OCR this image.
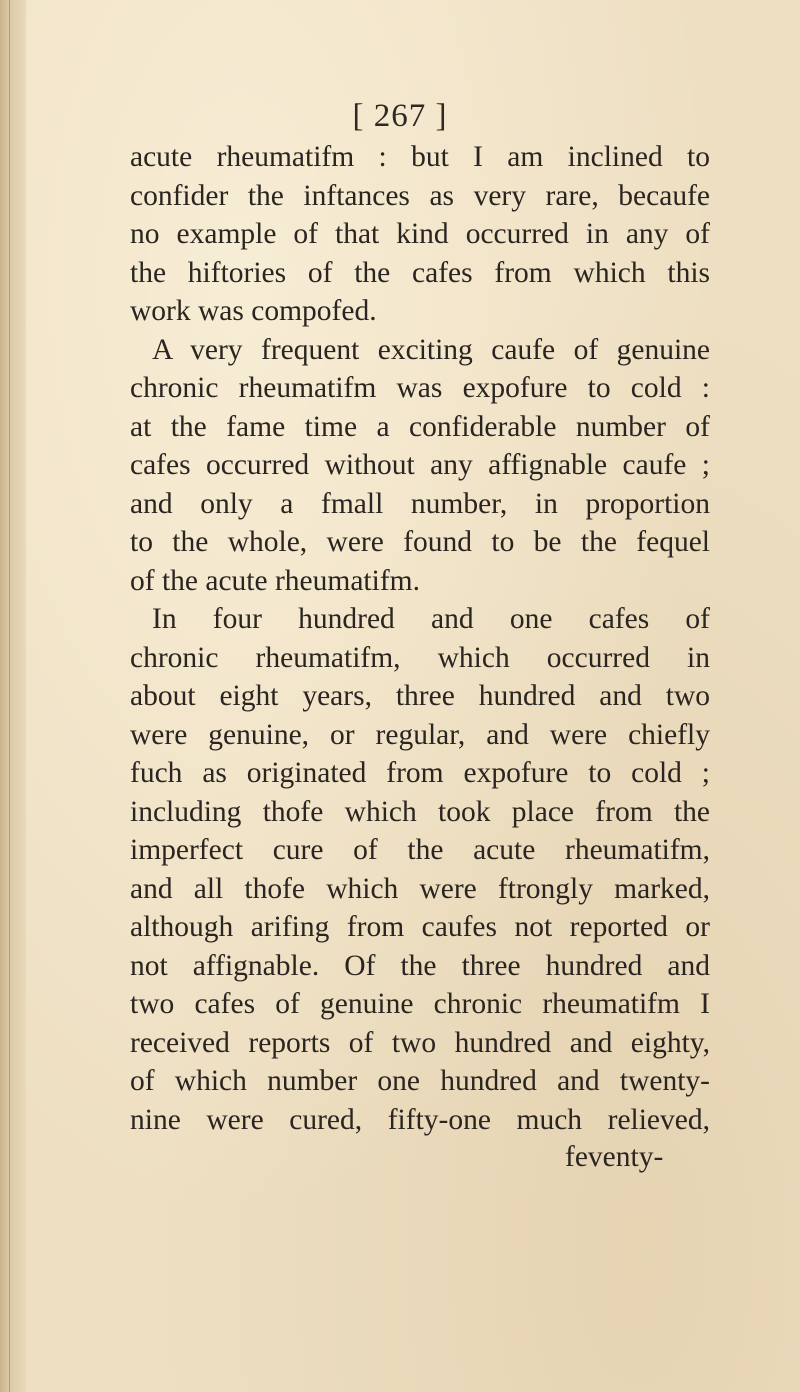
[ 267 ]
acute rheumatifm : but I am inclined to
confider the inftances as very rare, becaufe
no example of that kind occurred in any of
the hiftories of the cafes from which this
work was compofed.
A very frequent exciting caufe of genuine
chronic rheumatifm was expofure to cold :
at the fame time a confiderable number of
cafes occurred without any affignable caufe ;
and only a fmall number, in proportion
to the whole, were found to be the fequel
of the acute rheumatifm.
In four hundred and one cafes of
chronic rheumatifm, which occurred in
about eight years, three hundred and two
were genuine, or regular, and were chiefly
fuch as originated from expofure to cold ;
including thofe which took place from the
imperfect cure of the acute rheumatifm,
and all thofe which were ftrongly marked,
although arifing from caufes not reported or
not affignable. Of the three hundred and
two cafes of genuine chronic rheumatifm I
received reports of two hundred and eighty,
of which number one hundred and twenty-
nine were cured, fifty-one much relieved,
feventy-
